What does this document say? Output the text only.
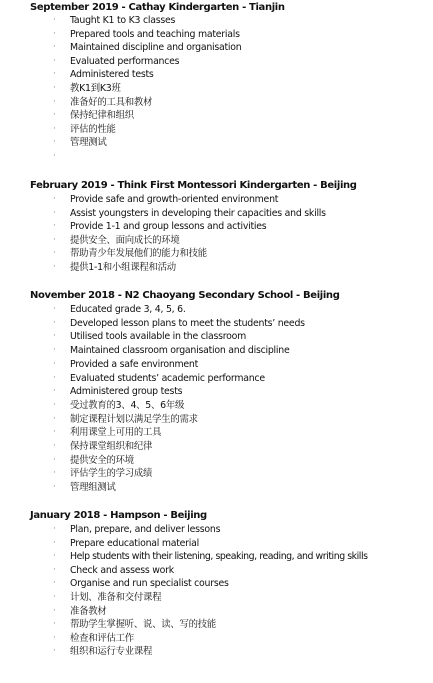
September 2019 - Cathay Kindergarten - Tianjin
· Taught K1 to K3 classes
· Prepared tools and teaching materials
· Maintained discipline and organisation
· Evaluated performances
· Administered tests
· 教K1到K3班
· 准备好的工具和教材
· 保持纪律和组织
· 评估的性能
· 管理测试
·
February 2019 - Think First Montessori Kindergarten - Beijing
· Provide safe and growth-oriented environment
· Assist youngsters in developing their capacities and skills
· Provide 1-1 and group lessons and activities
· 提供安全、面向成长的环境
· 帮助青少年发展他们的能力和技能
· 提供1-1和小组课程和活动
November 2018 - N2 Chaoyang Secondary School - Beijing
· Educated grade 3, 4, 5, 6.
· Developed lesson plans to meet the students’ needs
· Utilised tools available in the classroom
· Maintained classroom organisation and discipline
· Provided a safe environment
· Evaluated students’ academic performance
· Administered group tests
· 受过教育的3、4、5、6年级
· 制定课程计划以满足学生的需求
· 利用课堂上可用的工具
· 保持课堂组织和纪律
· 提供安全的环境
· 评估学生的学习成绩
· 管理组测试
January 2018 - Hampson - Beijing
· Plan, prepare, and deliver lessons
· Prepare educational material
· Help students with their listening, speaking, reading, and writing skills
· Check and assess work
· Organise and run specialist courses
· 计划、准备和交付课程
· 准备教材
· 帮助学生掌握听、说、读、写的技能
· 检查和评估工作
· 组织和运行专业课程
